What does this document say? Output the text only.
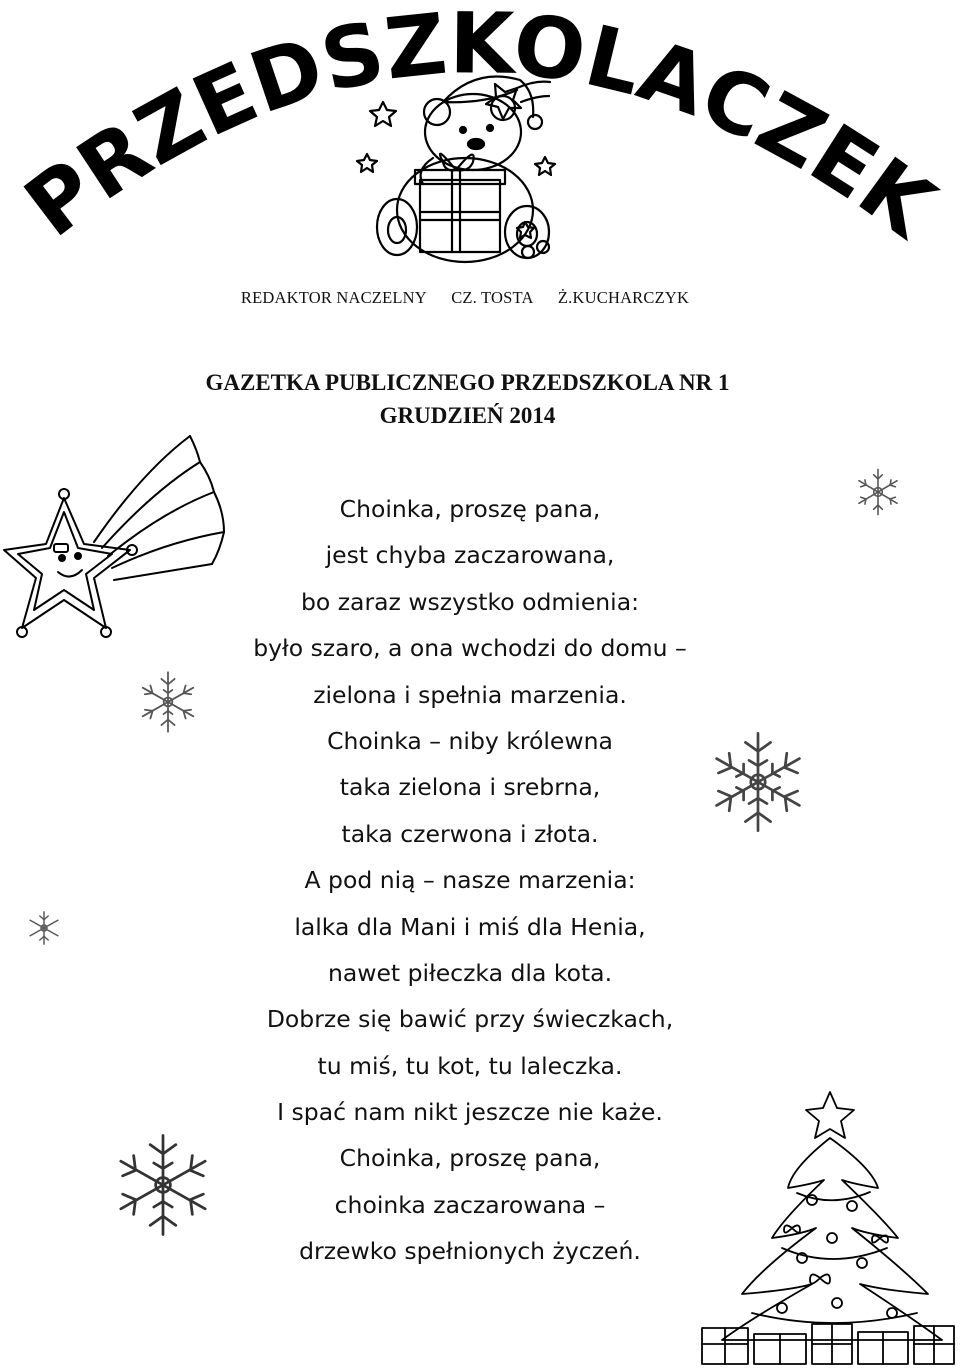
PRZEDSZKOLACZEK
REDAKTOR NACZELNY CZ. TOSTA Ż.KUCHARCZYK
GAZETKA PUBLICZNEGO PRZEDSZKOLA NR 1
GRUDZIEŃ 2014
Choinka, proszę pana,
jest chyba zaczarowana,
bo zaraz wszystko odmienia:
było szaro, a ona wchodzi do domu –
zielona i spełnia marzenia.
Choinka – niby królewna
taka zielona i srebrna,
taka czerwona i złota.
A pod nią – nasze marzenia:
lalka dla Mani i miś dla Henia,
nawet piłeczka dla kota.
Dobrze się bawić przy świeczkach,
tu miś, tu kot, tu laleczka.
I spać nam nikt jeszcze nie każe.
Choinka, proszę pana,
choinka zaczarowana –
drzewko spełnionych życzeń.
